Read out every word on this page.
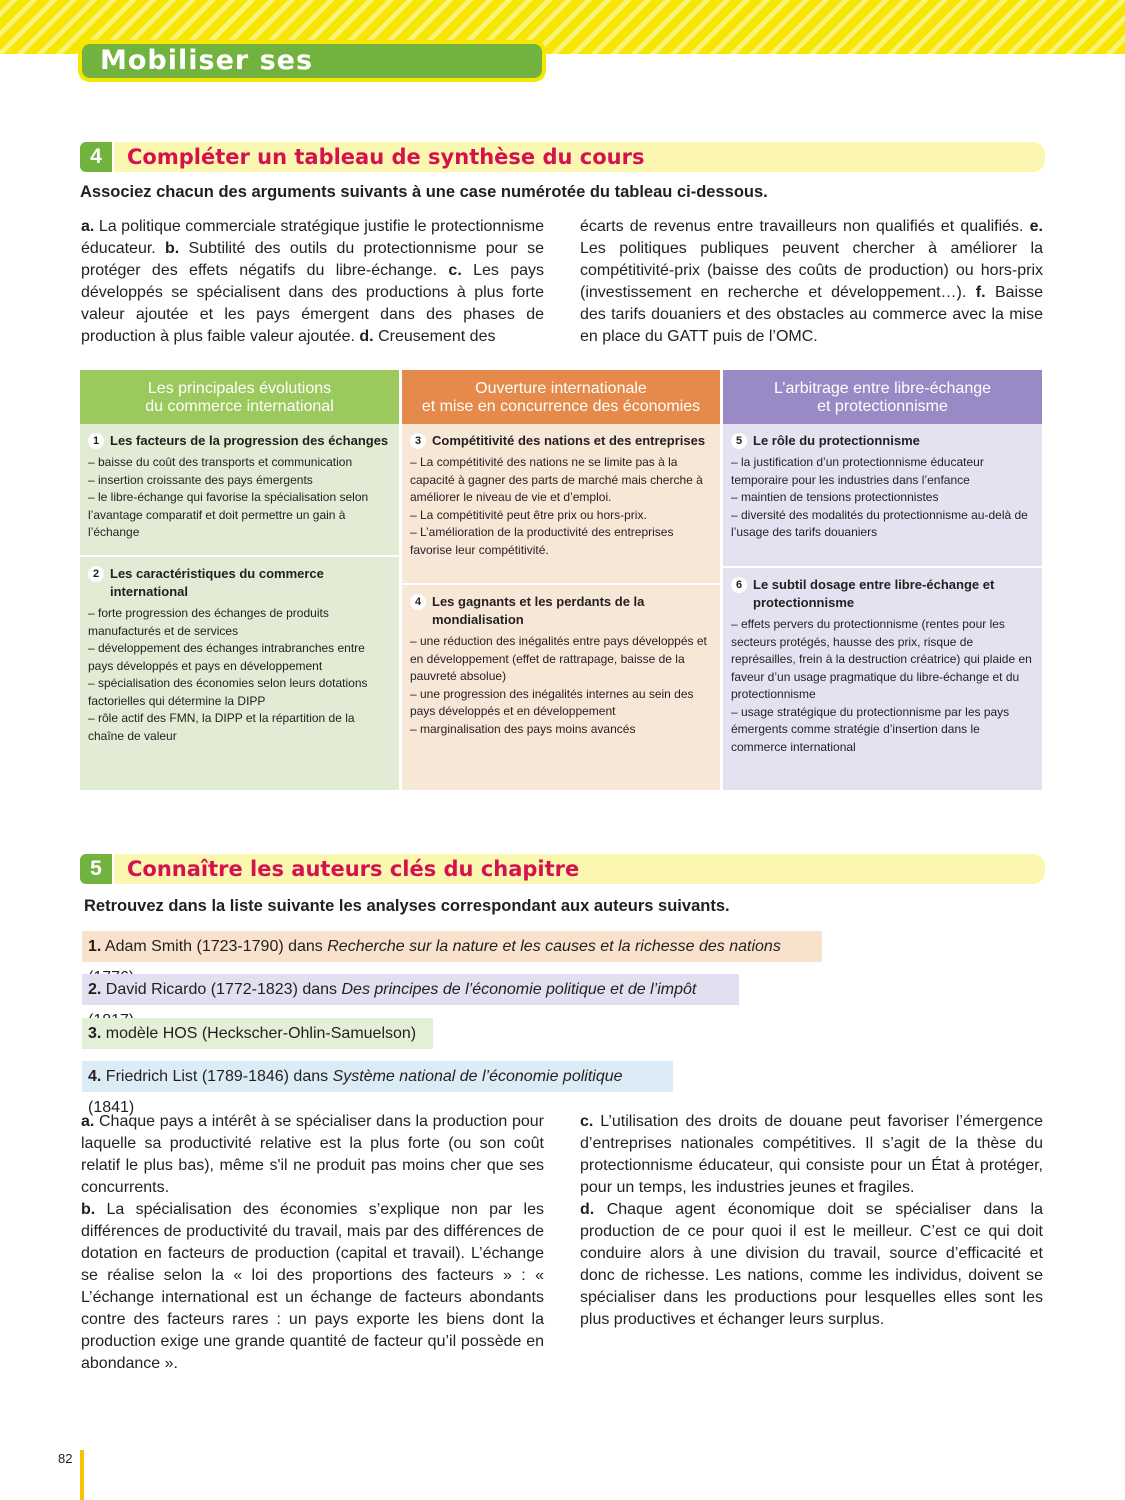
Mobiliser ses connaissances
4	Compléter un tableau de synthèse du cours
Associez chacun des arguments suivants à une case numérotée du tableau ci-dessous.
a. La politique commerciale stratégique justifie le protectionnisme éducateur. b. Subtilité des outils du protectionnisme pour se protéger des effets négatifs du libre-échange. c. Les pays développés se spécialisent dans des productions à plus forte valeur ajoutée et les pays émergent dans des phases de production à plus faible valeur ajoutée. d. Creusement des
écarts de revenus entre travailleurs non qualifiés et qualifiés. e. Les politiques publiques peuvent chercher à améliorer la compétitivité-prix (baisse des coûts de production) ou hors-prix (investissement en recherche et développement…). f. Baisse des tarifs douaniers et des obstacles au commerce avec la mise en place du GATT puis de l’OMC.
Les principales évolutions
du commerce international
1 Les facteurs de la progression des échanges
– baisse du coût des transports et communication
– insertion croissante des pays émergents
– le libre-échange qui favorise la spécialisation selon l’avantage comparatif et doit permettre un gain à l’échange
2 Les caractéristiques du commerce international
– forte progression des échanges de produits manufacturés et de services
– développement des échanges intrabranches entre pays développés et pays en développement
– spécialisation des économies selon leurs dotations factorielles qui détermine la DIPP
– rôle actif des FMN, la DIPP et la répartition de la chaîne de valeur
Ouverture internationale
et mise en concurrence des économies
3 Compétitivité des nations et des entreprises
– La compétitivité des nations ne se limite pas à la capacité à gagner des parts de marché mais cherche à améliorer le niveau de vie et d’emploi.
– La compétitivité peut être prix ou hors-prix.
– L’amélioration de la productivité des entreprises favorise leur compétitivité.
4 Les gagnants et les perdants de la mondialisation
– une réduction des inégalités entre pays développés et en développement (effet de rattrapage, baisse de la pauvreté absolue)
– une progression des inégalités internes au sein des pays développés et en développement
– marginalisation des pays moins avancés
L’arbitrage entre libre-échange
et protectionnisme
5 Le rôle du protectionnisme
– la justification d’un protectionnisme éducateur temporaire pour les industries dans l’enfance
– maintien de tensions protectionnistes
– diversité des modalités du protectionnisme au-delà de l’usage des tarifs douaniers
6 Le subtil dosage entre libre-échange et protectionnisme
– effets pervers du protectionnisme (rentes pour les secteurs protégés, hausse des prix, risque de représailles, frein à la destruction créatrice) qui plaide en faveur d’un usage pragmatique du libre-échange et du protectionnisme
– usage stratégique du protectionnisme par les pays émergents comme stratégie d’insertion dans le commerce international
5	Connaître les auteurs clés du chapitre
Retrouvez dans la liste suivante les analyses correspondant aux auteurs suivants.
1. Adam Smith (1723-1790) dans Recherche sur la nature et les causes et la richesse des nations
2. David Ricardo (1772-1823) dans Des principes de l’économie politique et de l’impôt
3. modèle HOS (Heckscher-Ohlin-Samuelson)
4. Friedrich List (1789-1846) dans Système national de l’économie politique (1841)
a. Chaque pays a intérêt à se spécialiser dans la production pour laquelle sa productivité relative est la plus forte (ou son coût relatif le plus bas), même s'il ne produit pas moins cher que ses concurrents.
b. La spécialisation des économies s’explique non par les différences de productivité du travail, mais par des différences de dotation en facteurs de production (capital et travail). L’échange se réalise selon la « loi des proportions des facteurs » : « L’échange international est un échange de facteurs abondants contre des facteurs rares : un pays exporte les biens dont la production exige une grande quantité de facteur qu’il possède en abondance ».
c. L’utilisation des droits de douane peut favoriser l’émergence d’entreprises nationales compétitives. Il s’agit de la thèse du protectionnisme éducateur, qui consiste pour un État à protéger, pour un temps, les industries jeunes et fragiles.
d. Chaque agent économique doit se spécialiser dans la production de ce pour quoi il est le meilleur. C’est ce qui doit conduire alors à une division du travail, source d’efficacité et donc de richesse. Les nations, comme les individus, doivent se spécialiser dans les productions pour lesquelles elles sont les plus productives et échanger leurs surplus.
82
